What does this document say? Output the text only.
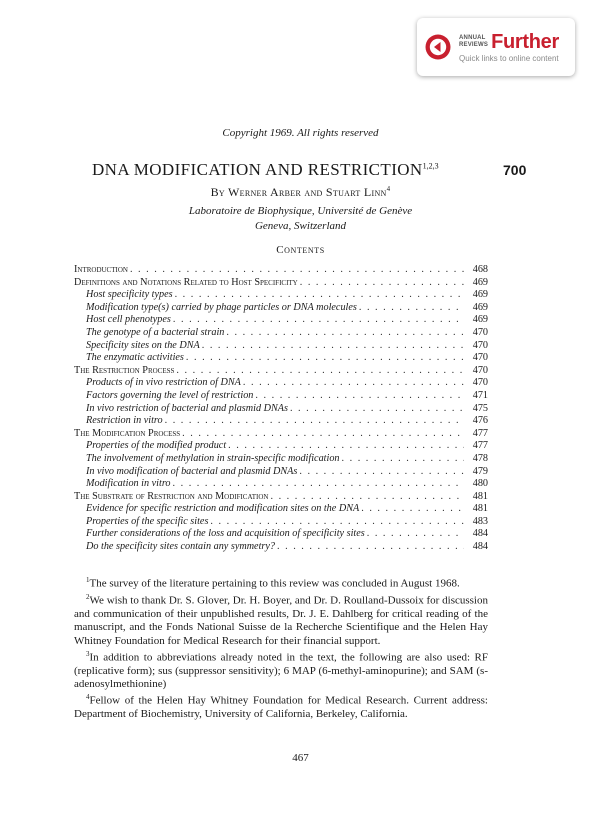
ANNUAL
REVIEWS Further
Quick links to online content
Copyright 1969. All rights reserved
DNA MODIFICATION AND RESTRICTION$^{1,2,3}$	700
By Werner Arber and Stuart Linn$^4$
Laboratoire de Biophysique, Université de Genève
Geneva, Switzerland
Contents
Introduction . . .	468
Definitions and Notations Related to Host Specificity . . .	469
Host specificity types . . .	469
Modification type(s) carried by phage particles or DNA molecules . . .	469
Host cell phenotypes . . .	469
The genotype of a bacterial strain . . .	470
Specificity sites on the DNA . . .	470
The enzymatic activities . . .	470
The Restriction Process . . .	470
Products of in vivo restriction of DNA . . .	470
Factors governing the level of restriction . . .	471
In vivo restriction of bacterial and plasmid DNAs . . .	475
Restriction in vitro . . .	476
The Modification Process . . .	477
Properties of the modified product . . .	477
The involvement of methylation in strain-specific modification . . .	478
In vivo modification of bacterial and plasmid DNAs . . .	479
Modification in vitro . . .	480
The Substrate of Restriction and Modification . . .	481
Evidence for specific restriction and modification sites on the DNA . . .	481
Properties of the specific sites . . .	483
Further considerations of the loss and acquisition of specificity sites . . .	484
Do the specificity sites contain any symmetry? . . .	484

$^1$The survey of the literature pertaining to this review was concluded in August 1968.

$^2$We wish to thank Dr. S. Glover, Dr. H. Boyer, and Dr. D. Roulland-Dussoix for discussion and communication of their unpublished results, Dr. J. E. Dahlberg for critical reading of the manuscript, and the Fonds National Suisse de la Recherche Scientifique and the Helen Hay Whitney Foundation for Medical Research for their financial support.

$^3$In addition to abbreviations already noted in the text, the following are also used: RF (replicative form); sus (suppressor sensitivity); 6 MAP (6-methyl-aminopurine); and SAM (s-adenosylmethionine)

$^4$Fellow of the Helen Hay Whitney Foundation for Medical Research. Current address: Department of Biochemistry, University of California, Berkeley, California.

467
